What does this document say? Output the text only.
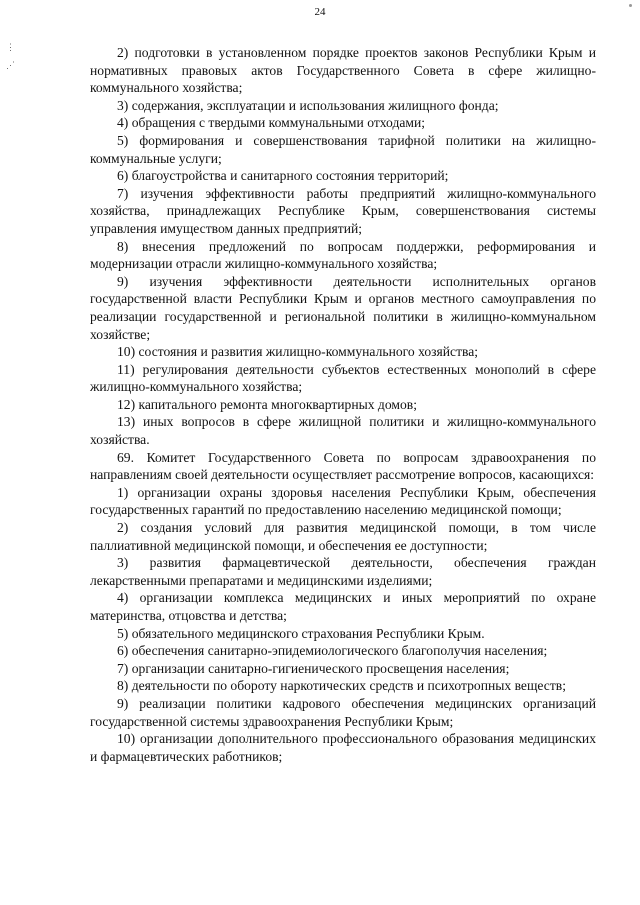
⋮
⋰
24

2) подготовки в установленном порядке проектов законов Республики Крым и нормативных правовых актов Государственного Совета в сфере жилищно-коммунального хозяйства;

3) содержания, эксплуатации и использования жилищного фонда;

4) обращения с твердыми коммунальными отходами;

5) формирования и совершенствования тарифной политики на жилищно-коммунальные услуги;

6) благоустройства и санитарного состояния территорий;

7) изучения эффективности работы предприятий жилищно-коммунального хозяйства, принадлежащих Республике Крым, совершенствования системы управления имуществом данных предприятий;

8) внесения предложений по вопросам поддержки, реформирования и модернизации отрасли жилищно-коммунального хозяйства;

9) изучения эффективности деятельности исполнительных органов государственной власти Республики Крым и органов местного самоуправления по реализации государственной и региональной политики в жилищно-коммунальном хозяйстве;

10) состояния и развития жилищно-коммунального хозяйства;

11) регулирования деятельности субъектов естественных монополий в сфере жилищно-коммунального хозяйства;

12) капитального ремонта многоквартирных домов;

13) иных вопросов в сфере жилищной политики и жилищно-коммунального хозяйства.

69. Комитет Государственного Совета по вопросам здравоохранения по направлениям своей деятельности осуществляет рассмотрение вопросов, касающихся:

1) организации охраны здоровья населения Республики Крым, обеспечения государственных гарантий по предоставлению населению медицинской помощи;

2) создания условий для развития медицинской помощи, в том числе паллиативной медицинской помощи, и обеспечения ее доступности;

3) развития фармацевтической деятельности, обеспечения граждан лекарственными препаратами и медицинскими изделиями;

4) организации комплекса медицинских и иных мероприятий по охране материнства, отцовства и детства;

5) обязательного медицинского страхования Республики Крым.

6) обеспечения санитарно-эпидемиологического благополучия населения;

7) организации санитарно-гигиенического просвещения населения;

8) деятельности по обороту наркотических средств и психотропных веществ;

9) реализации политики кадрового обеспечения медицинских организаций государственной системы здравоохранения Республики Крым;

10) организации дополнительного профессионального образования медицинских и фармацевтических работников;
